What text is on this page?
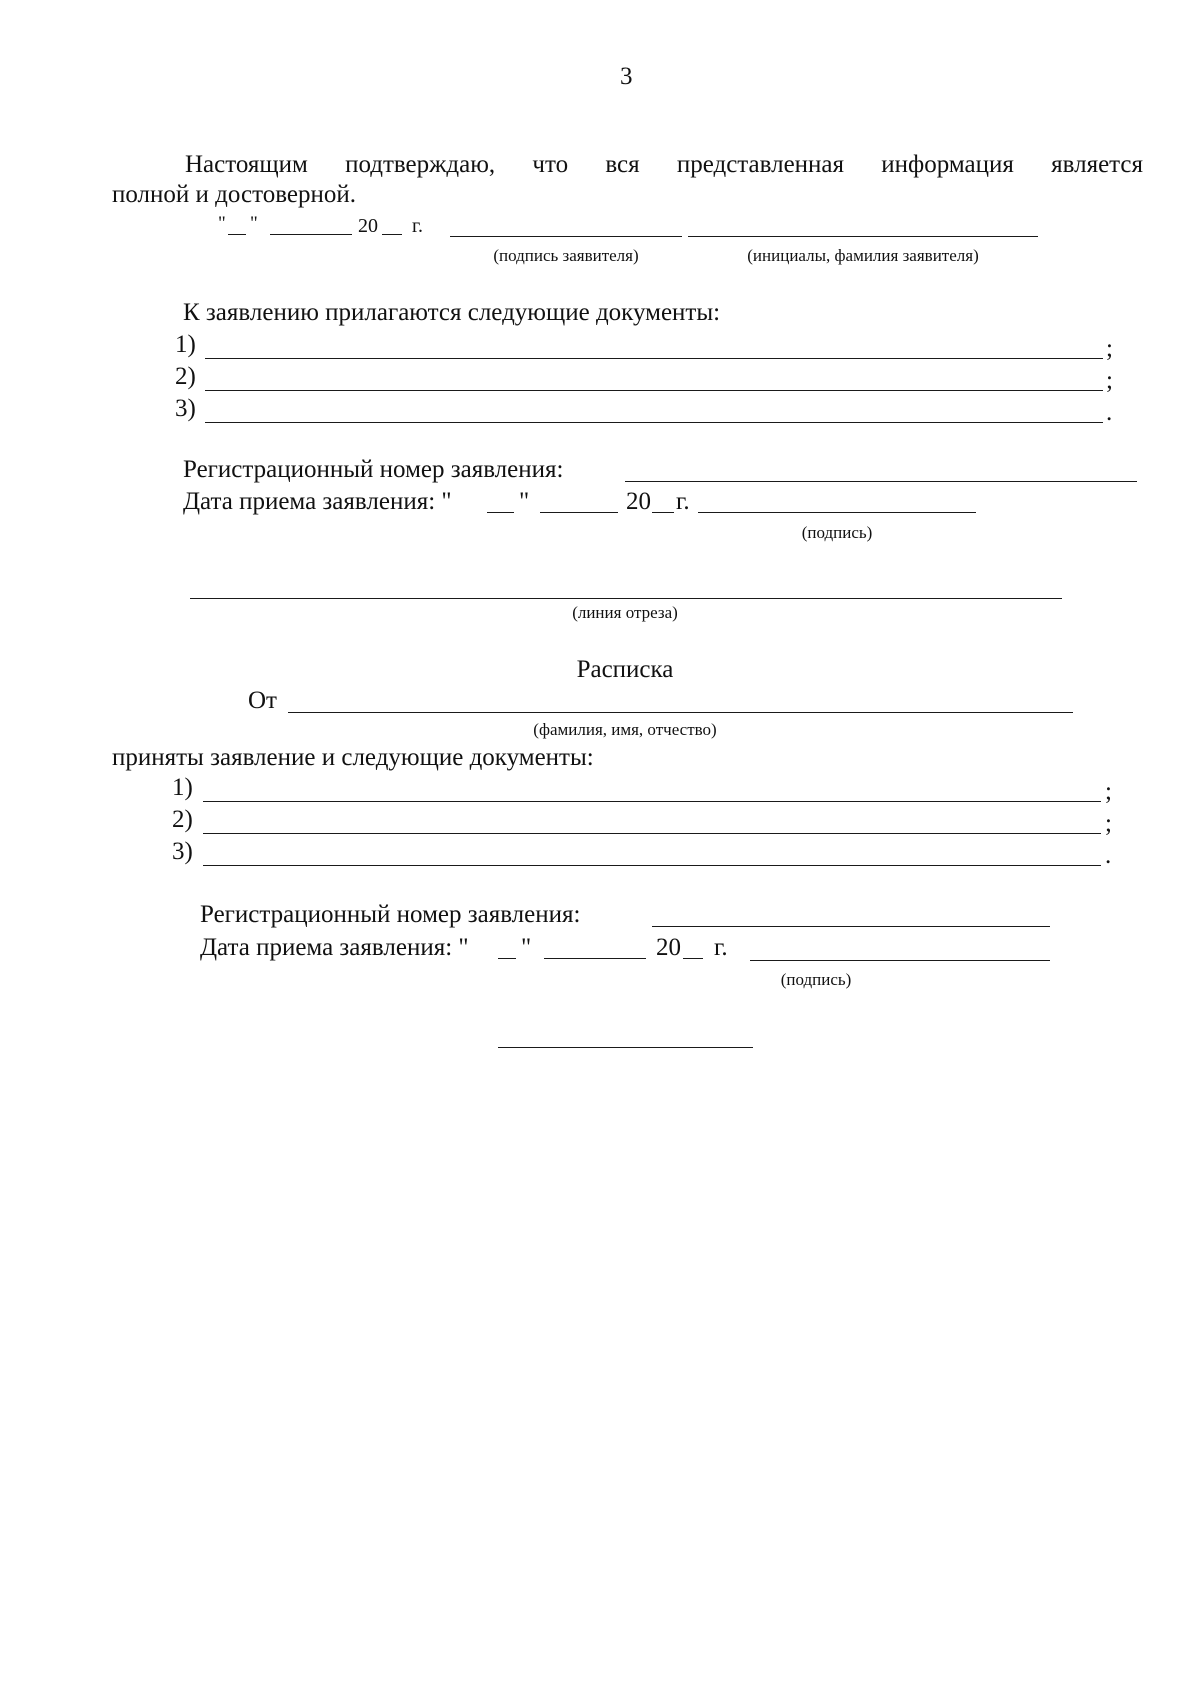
3
Настоящим подтверждаю, что вся представленная информация является
полной и достоверной.
" "	20 г.
(подпись заявителя)	(инициалы, фамилия заявителя)
К заявлению прилагаются следующие документы:
1)	;
2)	;
3)	.
Регистрационный номер заявления:
Дата приема заявления: "	"	20 г.
(подпись)
(линия отреза)
Расписка
От
(фамилия, имя, отчество)
приняты заявление и следующие документы:
1)	;
2)	;
3)	.
Регистрационный номер заявления:
Дата приема заявления: " "	20 г.
(подпись)
